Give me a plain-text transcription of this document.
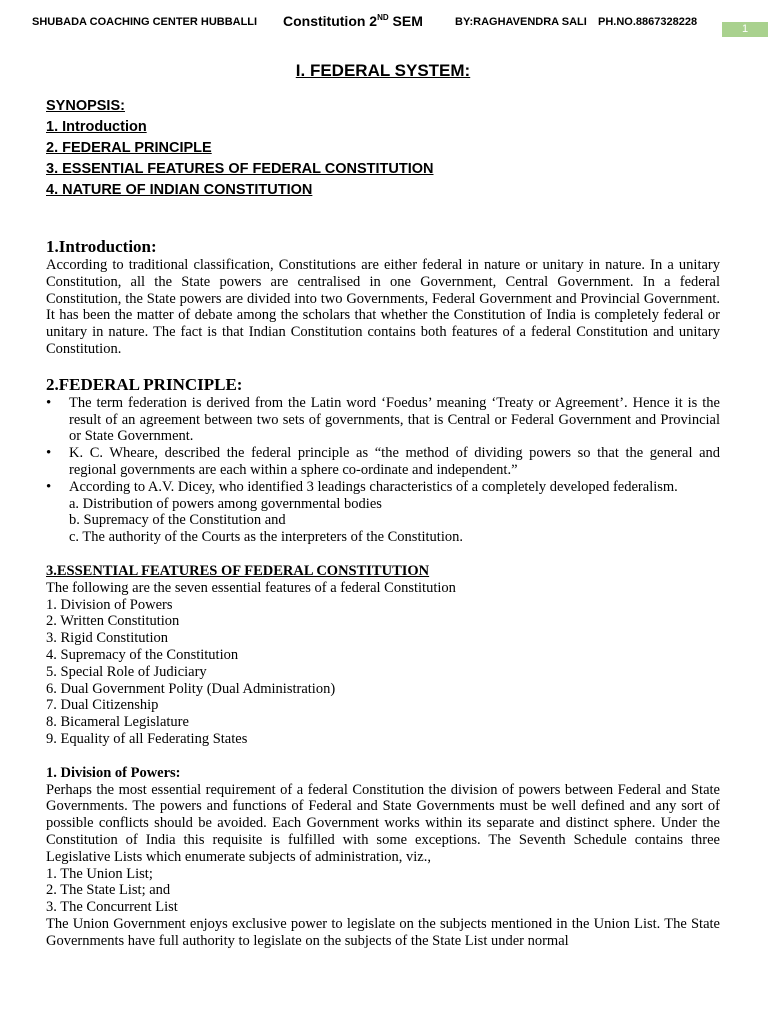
SHUBADA COACHING CENTER HUBBALLI Constitution 2ND SEM	BY:RAGHAVENDRA SALI PH.NO.8867328228
1
I. FEDERAL SYSTEM:
SYNOPSIS:
1. Introduction
2. FEDERAL PRINCIPLE
3. ESSENTIAL FEATURES OF FEDERAL CONSTITUTION
4. NATURE OF INDIAN CONSTITUTION
1.Introduction:

According to traditional classification, Constitutions are either federal in nature or unitary in nature. In a unitary Constitution, all the State powers are centralised in one Government, Central Government. In a federal Constitution, the State powers are divided into two Governments, Federal Government and Provincial Government. It has been the matter of debate among the scholars that whether the Constitution of India is completely federal or unitary in nature. The fact is that Indian Constitution contains both features of a federal Constitution and unitary Constitution.

2.FEDERAL PRINCIPLE:
• The term federation is derived from the Latin word ‘Foedus’ meaning ‘Treaty or Agreement’. Hence it is the result of an agreement between two sets of governments, that is Central or Federal Government and Provincial or State Government.
• K. C. Wheare, described the federal principle as “the method of dividing powers so that the general and regional governments are each within a sphere co-ordinate and independent.”
• According to A.V. Dicey, who identified 3 leadings characteristics of a completely developed federalism.
a. Distribution of powers among governmental bodies
b. Supremacy of the Constitution and
c. The authority of the Courts as the interpreters of the Constitution.
3.ESSENTIAL FEATURES OF FEDERAL CONSTITUTION
The following are the seven essential features of a federal Constitution
1. Division of Powers
2. Written Constitution
3. Rigid Constitution
4. Supremacy of the Constitution
5. Special Role of Judiciary
6. Dual Government Polity (Dual Administration)
7. Dual Citizenship
8. Bicameral Legislature
9. Equality of all Federating States
1. Division of Powers:

Perhaps the most essential requirement of a federal Constitution the division of powers between Federal and State Governments. The powers and functions of Federal and State Governments must be well defined and any sort of possible conflicts should be avoided. Each Government works within its separate and distinct sphere. Under the Constitution of India this requisite is fulfilled with some exceptions. The Seventh Schedule contains three Legislative Lists which enumerate subjects of administration, viz.,

1. The Union List;
2. The State List; and
3. The Concurrent List

The Union Government enjoys exclusive power to legislate on the subjects mentioned in the Union List. The State Governments have full authority to legislate on the subjects of the State List under normal
